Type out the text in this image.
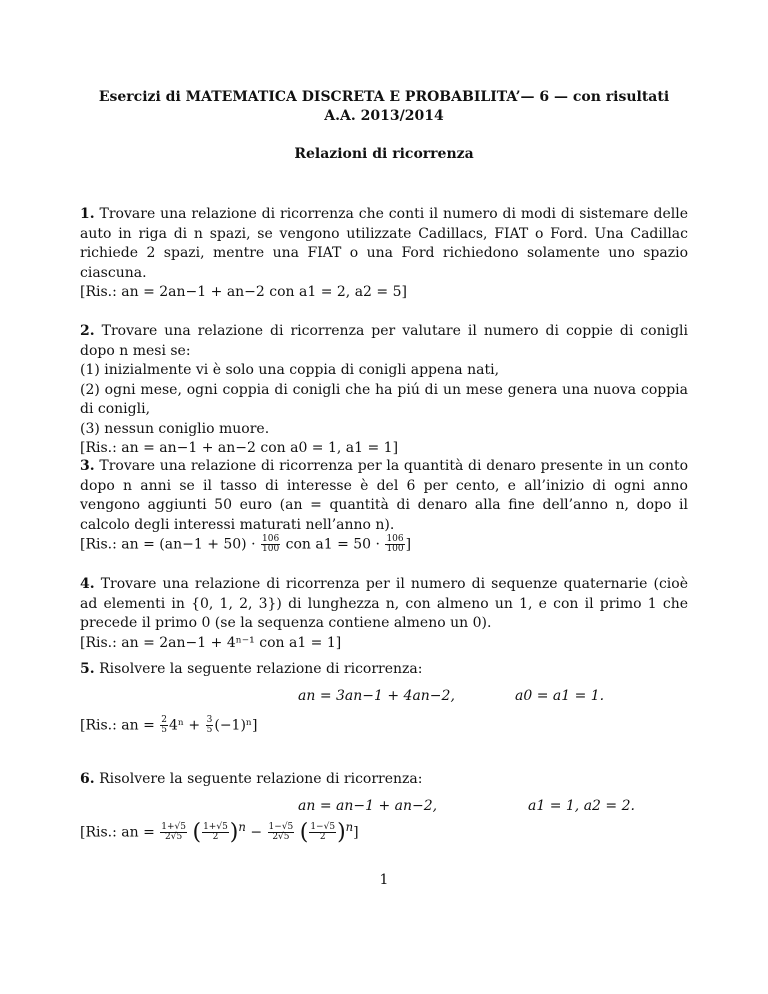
Esercizi di MATEMATICA DISCRETA E PROBABILITA’— 6 — con risultati
A.A. 2013/2014
Relazioni di ricorrenza

1. Trovare una relazione di ricorrenza che conti il numero di modi di sistemare delle auto in riga di n spazi, se vengono utilizzate Cadillacs, FIAT o Ford. Una Cadillac richiede 2 spazi, mentre una FIAT o una Ford richiedono solamente uno spazio ciascuna.

[Ris.: an = 2an−1 + an−2 con a1 = 2, a2 = 5]

2. Trovare una relazione di ricorrenza per valutare il numero di coppie di conigli dopo n mesi se:

(1) inizialmente vi è solo una coppia di conigli appena nati,

(2) ogni mese, ogni coppia di conigli che ha piú di un mese genera una nuova coppia di conigli,

(3) nessun coniglio muore.

[Ris.: an = an−1 + an−2 con a0 = 1, a1 = 1]

3. Trovare una relazione di ricorrenza per la quantità di denaro presente in un conto dopo n anni se il tasso di interesse è del 6 per cento, e all’inizio di ogni anno vengono aggiunti 50 euro (an = quantità di denaro alla fine dell’anno n, dopo il calcolo degli interessi maturati nell’anno n).

[Ris.: an = $(an-1 + 50) \cdot \frac{106}{100}$ con $a1 = 50 \cdot \frac{106}{100}$ ]

4. Trovare una relazione di ricorrenza per il numero di sequenze quaternarie (cioè ad elementi in {0, 1, 2, 3}) di lunghezza n, con almeno un 1, e con il primo 1 che precede il primo 0 (se la sequenza contiene almeno un 0).

[Ris.: an = 2an−1 + 4ⁿ⁻¹ con a1 = 1]

5. Risolvere la seguente relazione di ricorrenza:

an = 3an−1 + 4an−2,	a0 = a1 = 1.
[Ris.: an = $\frac{2}{5} 4^n + \frac{3}{5} (-1)^n$]

6. Risolvere la seguente relazione di ricorrenza:

an = an−1 + an−2,	a1 = 1, a2 = 2.
[Ris.: an = $\frac{1+√5}{2√5}$ ( $\frac{1+√5}{2} )^n - \frac{1-√5}{2√5}$ ( $\frac{1-√5}{2} )^n$]
1
